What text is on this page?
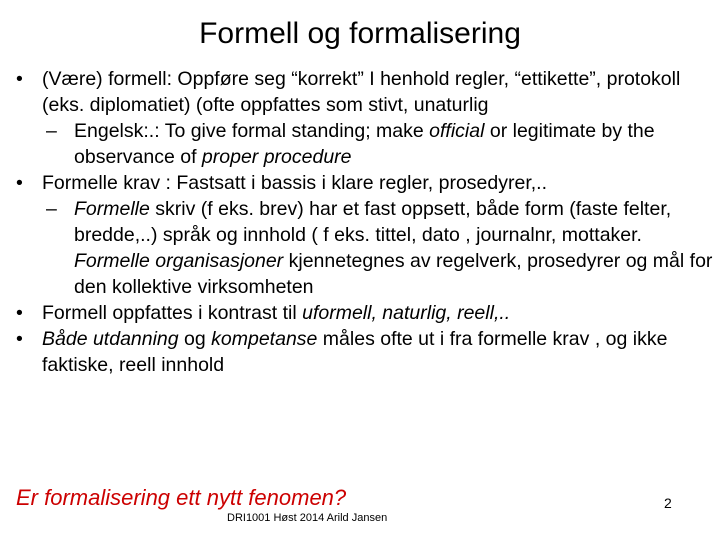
Formell og formalisering

• (Være) formell: Oppføre seg “korrekt” I henhold regler, “ettikette”, protokoll (eks. diplomatiet) (ofte oppfattes som stivt, unaturlig

– Engelsk:.: To give formal standing; make official or legitimate by the observance of proper procedure

• Formelle krav : Fastsatt i bassis i klare regler, prosedyrer,..

– Formelle skriv (f eks. brev) har et fast oppsett, både form (faste felter, bredde,..) språk og innhold ( f eks. tittel, dato , journalnr, mottaker. Formelle organisasjoner kjennetegnes av regelverk, prosedyrer og mål for den kollektive virksomheten

• Formell oppfattes i kontrast til uformell, naturlig, reell,..

• Både utdanning og kompetanse måles ofte ut i fra formelle krav , og ikke faktiske, reell innhold

Er formalisering ett nytt fenomen?
DRI1001 Høst 2014 Arild Jansen
2
